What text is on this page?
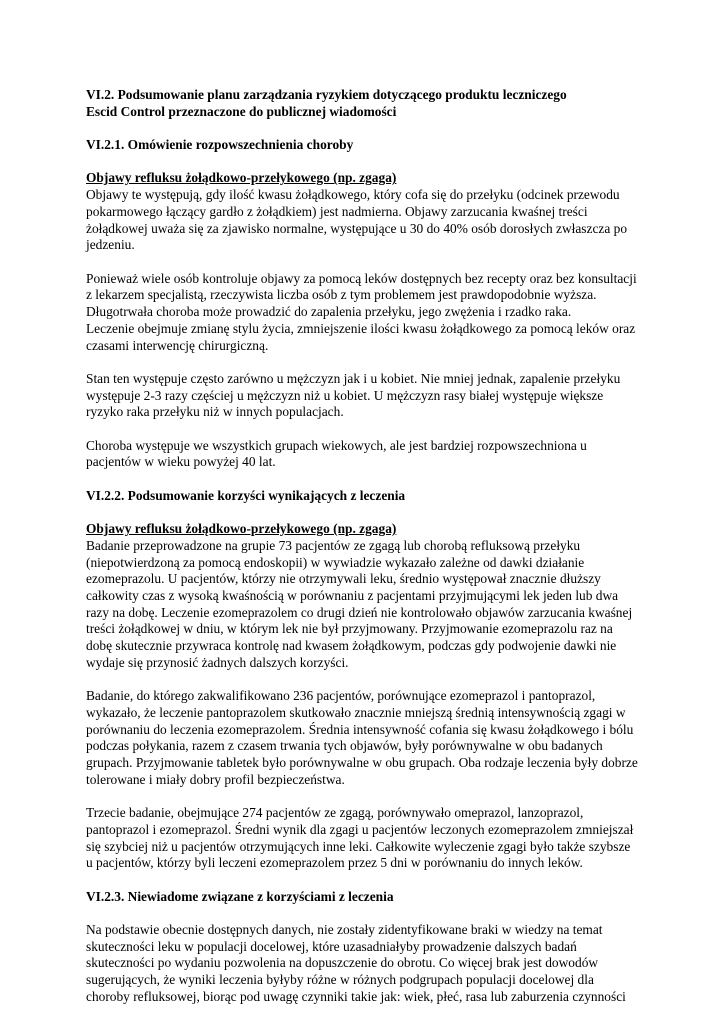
VI.2. Podsumowanie planu zarządzania ryzykiem dotyczącego produktu leczniczego
Escid Control przeznaczone do publicznej wiadomości

VI.2.1. Omówienie rozpowszechnienia choroby

Objawy refluksu żołądkowo-przełykowego (np. zgaga)

Objawy te występują, gdy ilość kwasu żołądkowego, który cofa się do przełyku (odcinek przewodu
pokarmowego łączący gardło z żołądkiem) jest nadmierna. Objawy zarzucania kwaśnej treści
żołądkowej uważa się za zjawisko normalne, występujące u 30 do 40% osób dorosłych zwłaszcza po
jedzeniu.

Ponieważ wiele osób kontroluje objawy za pomocą leków dostępnych bez recepty oraz bez konsultacji
z lekarzem specjalistą, rzeczywista liczba osób z tym problemem jest prawdopodobnie wyższa.
Długotrwała choroba może prowadzić do zapalenia przełyku, jego zwężenia i rzadko raka.
Leczenie obejmuje zmianę stylu życia, zmniejszenie ilości kwasu żołądkowego za pomocą leków oraz
czasami interwencję chirurgiczną.

Stan ten występuje często zarówno u mężczyzn jak i u kobiet. Nie mniej jednak, zapalenie przełyku
występuje 2-3 razy częściej u mężczyzn niż u kobiet. U mężczyzn rasy białej występuje większe
ryzyko raka przełyku niż w innych populacjach.

Choroba występuje we wszystkich grupach wiekowych, ale jest bardziej rozpowszechniona u
pacjentów w wieku powyżej 40 lat.

VI.2.2. Podsumowanie korzyści wynikających z leczenia

Objawy refluksu żołądkowo-przełykowego (np. zgaga)

Badanie przeprowadzone na grupie 73 pacjentów ze zgagą lub chorobą refluksową przełyku
(niepotwierdzoną za pomocą endoskopii) w wywiadzie wykazało zależne od dawki działanie
ezomeprazolu. U pacjentów, którzy nie otrzymywali leku, średnio występował znacznie dłuższy
całkowity czas z wysoką kwaśnością w porównaniu z pacjentami przyjmującymi lek jeden lub dwa
razy na dobę. Leczenie ezomeprazolem co drugi dzień nie kontrolowało objawów zarzucania kwaśnej
treści żołądkowej w dniu, w którym lek nie był przyjmowany. Przyjmowanie ezomeprazolu raz na
dobę skutecznie przywraca kontrolę nad kwasem żołądkowym, podczas gdy podwojenie dawki nie
wydaje się przynosić żadnych dalszych korzyści.

Badanie, do którego zakwalifikowano 236 pacjentów, porównujące ezomeprazol i pantoprazol,
wykazało, że leczenie pantoprazolem skutkowało znacznie mniejszą średnią intensywnością zgagi w
porównaniu do leczenia ezomeprazolem. Średnia intensywność cofania się kwasu żołądkowego i bólu
podczas połykania, razem z czasem trwania tych objawów, były porównywalne w obu badanych
grupach. Przyjmowanie tabletek było porównywalne w obu grupach. Oba rodzaje leczenia były dobrze
tolerowane i miały dobry profil bezpieczeństwa.

Trzecie badanie, obejmujące 274 pacjentów ze zgagą, porównywało omeprazol, lanzoprazol,
pantoprazol i ezomeprazol. Średni wynik dla zgagi u pacjentów leczonych ezomeprazolem zmniejszał
się szybciej niż u pacjentów otrzymujących inne leki. Całkowite wyleczenie zgagi było także szybsze
u pacjentów, którzy byli leczeni ezomeprazolem przez 5 dni w porównaniu do innych leków.

VI.2.3. Niewiadome związane z korzyściami z leczenia

Na podstawie obecnie dostępnych danych, nie zostały zidentyfikowane braki w wiedzy na temat
skuteczności leku w populacji docelowej, które uzasadniałyby prowadzenie dalszych badań
skuteczności po wydaniu pozwolenia na dopuszczenie do obrotu. Co więcej brak jest dowodów
sugerujących, że wyniki leczenia byłyby różne w różnych podgrupach populacji docelowej dla
choroby refluksowej, biorąc pod uwagę czynniki takie jak: wiek, płeć, rasa lub zaburzenia czynności
